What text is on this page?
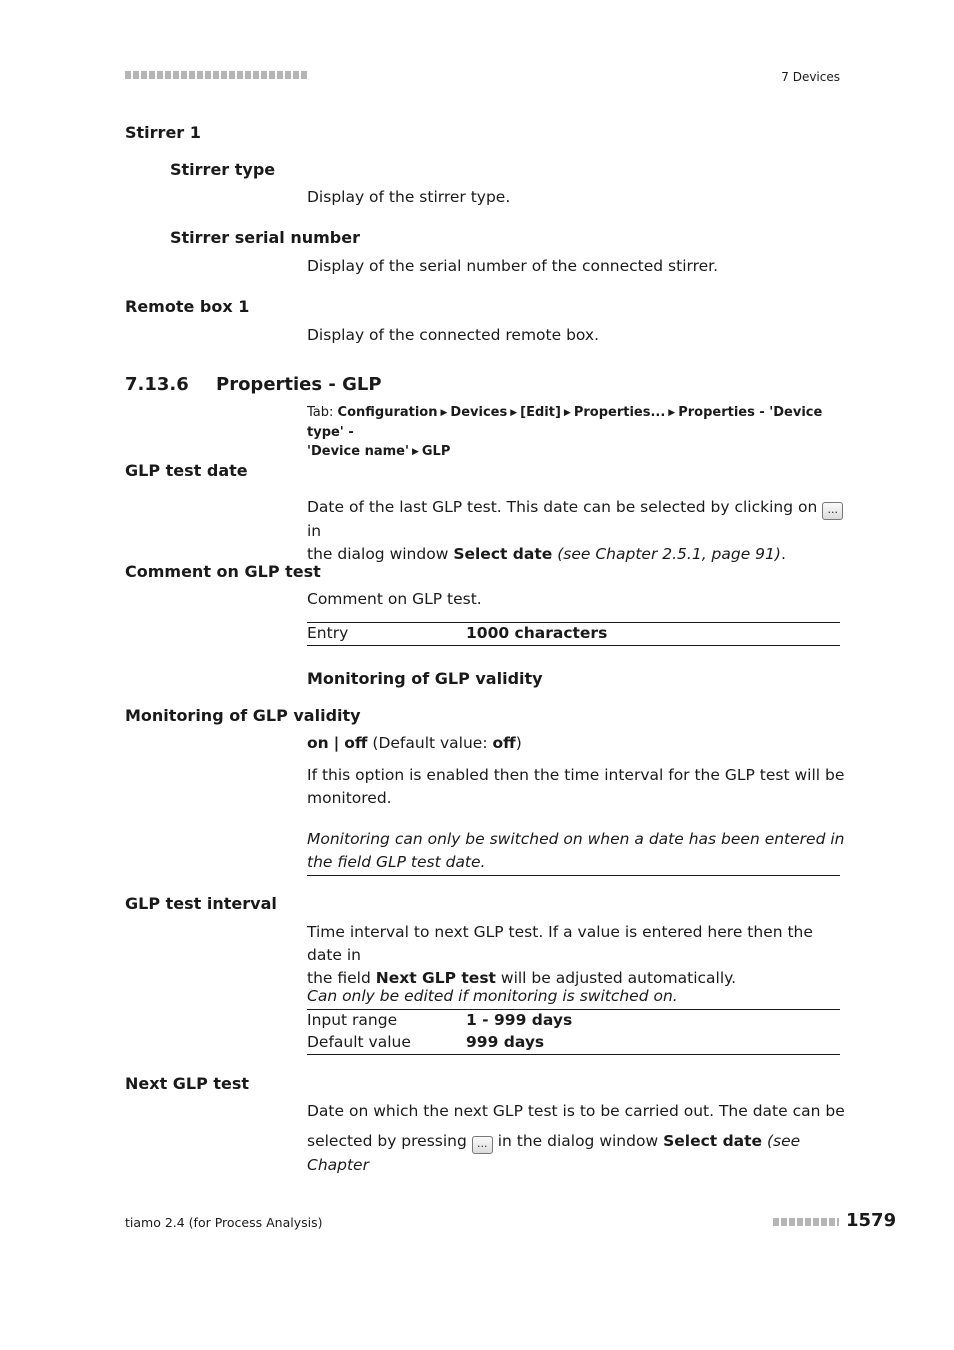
7 Devices
Stirrer 1
Stirrer type
Display of the stirrer type.
Stirrer serial number
Display of the serial number of the connected stirrer.
Remote box 1
Display of the connected remote box.
7.13.6 Properties - GLP
Tab: Configuration ▶ Devices ▶ [Edit] ▶ Properties... ▶ Properties - 'Device type' -
'Device name' ▶ GLP
GLP test date
Date of the last GLP test. This date can be selected by clicking on ... in
the dialog window Select date (see Chapter 2.5.1, page 91).
Comment on GLP test
Comment on GLP test.
Entry	1000 characters
Monitoring of GLP validity
Monitoring of GLP validity
on | off (Default value: off)
If this option is enabled then the time interval for the GLP test will be
monitored.
Monitoring can only be switched on when a date has been entered in
the field GLP test date.
GLP test interval
Time interval to next GLP test. If a value is entered here then the date in
the field Next GLP test will be adjusted automatically.
Can only be edited if monitoring is switched on.
Input range	1 - 999 days
Default value	999 days
Next GLP test
Date on which the next GLP test is to be carried out. The date can be
selected by pressing ... in the dialog window Select date (see Chapter
tiamo 2.4 (for Process Analysis)	1579
